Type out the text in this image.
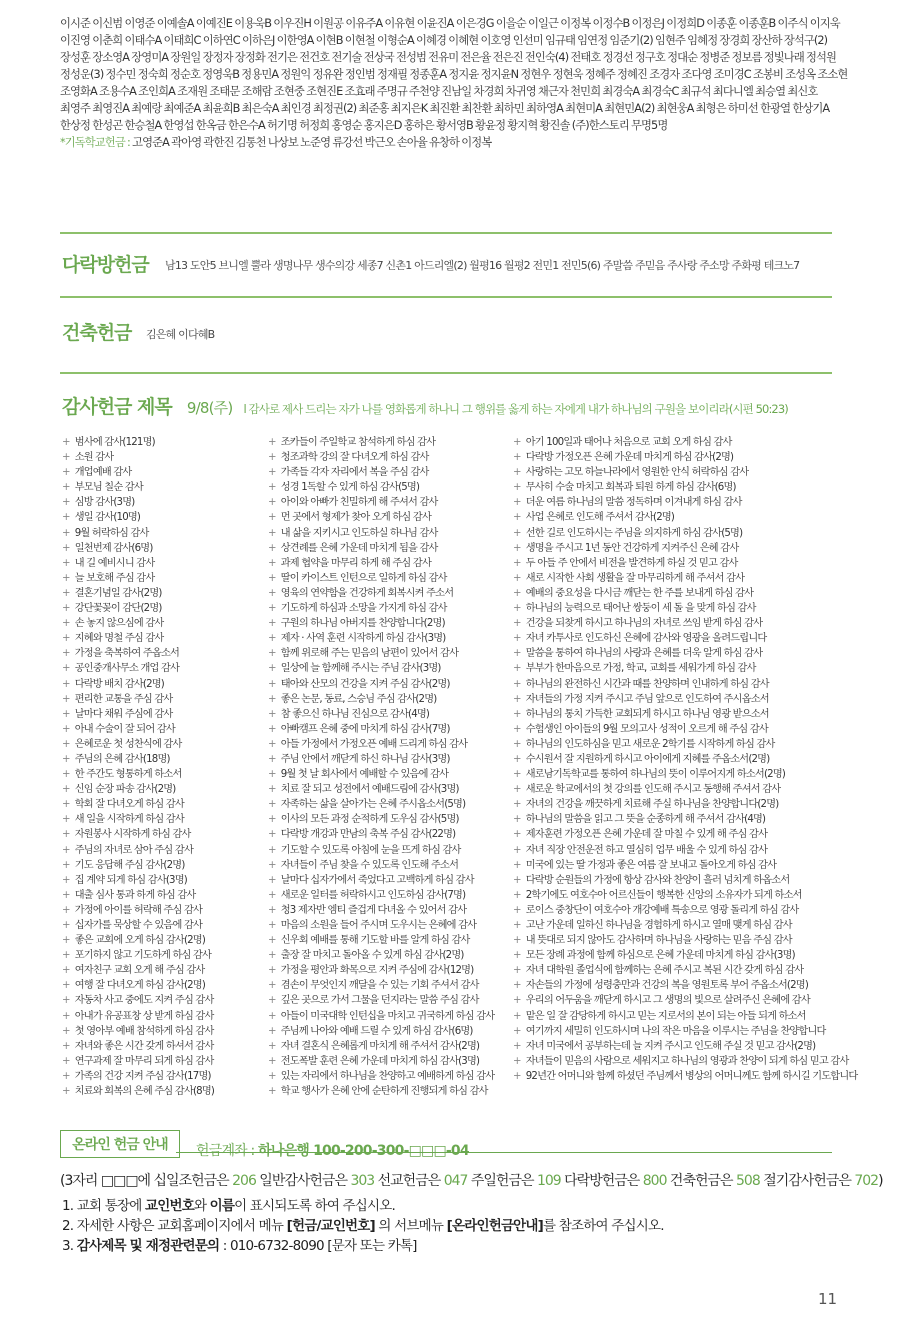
이시준 이신범 이영준 이예솔A 이예진E 이용욱B 이우진H 이원공 이유주A 이유현 이윤진A 이은경G 이을순 이일근 이정복 이정수B 이정은J 이정희D 이종훈 이종훈B 이주식 이지욱
이진영 이춘희 이태수A 이태희C 이하연C 이하은J 이한영A 이현B 이현철 이형순A 이혜경 이혜현 이호영 인선미 임규태 임연정 임준기(2) 임현주 임혜정 장경희 장산하 장석구(2)
장성훈 장소영A 장영미A 장원일 장정자 장정화 전기은 전건호 전기술 전상국 전성범 전유미 전은율 전은진 전인숙(4) 전태호 정경선 정구호 정대순 정병준 정보름 정빛나래 정석원
정성운(3) 정수민 정숙희 정순호 정영욱B 정용민A 정원익 정유완 정인범 정재필 정종훈A 정지윤 정지윤N 정현우 정현욱 정혜주 정혜진 조경자 조다영 조미경C 조봉비 조성옥 조소현
조영화A 조용수A 조인희A 조재원 조태문 조해람 조현중 조현진E 조효래 주명규 주천양 진남일 차경희 차귀영 채근자 천민희 최경숙A 최경숙C 최규석 최다니엘 최승열 최신호
최영주 최영진A 최예랑 최예준A 최윤희B 최은숙A 최인경 최정권(2) 최준홍 최지은K 최진환 최찬환 최하민 최하영A 최현미A 최현민A(2) 최현웅A 최형은 하미선 한광열 한상기A
한상정 한성곤 한승철A 한영섭 한옥금 한은수A 허기명 허정희 홍영순 홍지은D 홍하은 황서영B 황윤정 황지혁 황진솔 (주)한스토리 무명5명
*기독학교헌금 : 고영준A 곽아영 곽한진 김통천 나상보 노준영 류강선 박근오 손아율 유창하 이정복
다락방헌금 남13 도안5 브니엘 뿔라 생명나무 생수의강 세종7 신촌1 아드리엘(2) 월평16 월평2 전민1 전민5(6) 주말씀 주믿음 주사랑 주소망 주화평 테크노7
건축헌금 김은혜 이다혜B
감사헌금 제목 9/8(주) l 감사로 제사 드리는 자가 나를 영화롭게 하나니 그 행위를 옳게 하는 자에게 내가 하나님의 구원을 보이리라(시편 50:23)
+ 범사에 감사(121명)
+ 소원 감사
+ 개업예배 감사
+ 부모님 칠순 감사
+ 심방 감사(3명)
+ 생일 감사(10명)
+ 9월 허락하심 감사
+ 일천번제 감사(6명)
+ 내 길 예비시니 감사
+ 늘 보호해 주심 감사
+ 결혼기념일 감사(2명)
+ 강단꽃꽂이 감단(2명)
+ 손 놓지 않으심에 감사
+ 지혜와 명철 주심 감사
+ 가정을 축복하여 주옵소서
+ 공인중개사무소 개업 감사
+ 다락방 배치 감사(2명)
+ 편리한 교통을 주심 감사
+ 날마다 채워 주심에 감사
+ 아내 수술이 잘 되어 감사
+ 은혜로운 첫 성찬식에 감사
+ 주님의 은혜 감사(18명)
+ 한 주간도 형통하게 하소서
+ 신임 순장 파송 감사(2명)
+ 학회 잘 다녀오게 하심 감사
+ 새 일을 시작하게 하심 감사
+ 자원봉사 시작하게 하심 감사
+ 주님의 자녀로 삼아 주심 감사
+ 기도 응답해 주심 감사(2명)
+ 집 계약 되게 하심 감사(3명)
+ 대출 심사 통과 하게 하심 감사
+ 가정에 아이를 허락해 주심 감사
+ 십자가를 묵상할 수 있음에 감사
+ 좋은 교회에 오게 하심 감사(2명)
+ 포기하지 않고 기도하게 하심 감사
+ 여자친구 교회 오게 해 주심 감사
+ 여행 잘 다녀오게 하심 감사(2명)
+ 자동차 사고 중에도 지켜 주심 감사
+ 아내가 유공표창 상 받게 하심 감사
+ 첫 영아부 예배 참석하게 하심 감사
+ 자녀와 좋은 시간 갖게 하셔서 감사
+ 연구과제 잘 마무리 되게 하심 감사
+ 가족의 건강 지켜 주심 감사(17명)
+ 치료와 회복의 은혜 주심 감사(8명)
+ 조카들이 주일학교 참석하게 하심 감사
+ 청조과학 강의 잘 다녀오게 하심 감사
+ 가족들 각자 자리에서 복을 주심 감사
+ 성경 1독할 수 있게 하심 감사(5명)
+ 아이와 아빠가 친밀하게 해 주셔서 감사
+ 먼 곳에서 형제가 찾아 오게 하심 감사
+ 내 삶을 지키시고 인도하실 하나님 감사
+ 상견례를 은혜 가운데 마치게 됨을 감사
+ 과제 협약을 마무리 하게 해 주심 감사
+ 딸이 카이스트 인턴으로 일하게 하심 감사
+ 영육의 연약함을 건강하게 회복시켜 주소서
+ 기도하게 하심과 소망을 가지게 하심 감사
+ 구원의 하나님 아버지를 찬양합니다(2명)
+ 제자 · 사역 훈련 시작하게 하심 감사(3명)
+ 함께 위로해 주는 믿음의 남편이 있어서 감사
+ 일상에 늘 함께해 주시는 주님 감사(3명)
+ 태아와 산모의 건강을 지켜 주심 감사(2명)
+ 좋은 논문, 동료, 스승님 주심 감사(2명)
+ 참 좋으신 하나님 진심으로 감사(4명)
+ 아빠캠프 은혜 중에 마치게 하심 감사(7명)
+ 아들 가정에서 가정오픈 예배 드리게 하심 감사
+ 주님 안에서 깨닫게 하신 하나님 감사(3명)
+ 9월 첫 날 회사에서 예배할 수 있음에 감사
+ 치료 잘 되고 성전에서 예배드림에 감사(3명)
+ 자족하는 삶을 살아가는 은혜 주시옵소서(5명)
+ 이사의 모든 과정 순적하게 도우심 감사(5명)
+ 다락방 개강과 만남의 축복 주심 감사(22명)
+ 기도할 수 있도록 아침에 눈을 뜨게 하심 감사
+ 자녀들이 주님 찾을 수 있도록 인도해 주소서
+ 날마다 십자가에서 죽었다고 고백하게 하심 감사
+ 새로운 일터를 허락하시고 인도하심 감사(7명)
+ 청3 제자반 엠티 즐겁게 다녀올 수 있어서 감사
+ 마음의 소원을 들어 주시며 도우시는 은혜에 감사
+ 신우회 예배를 통해 기도할 바를 알게 하심 감사
+ 출장 잘 마치고 돌아올 수 있게 하심 감사(2명)
+ 가정을 평안과 화목으로 지켜 주심에 감사(12명)
+ 겸손이 무엇인지 깨달을 수 있는 기회 주셔서 감사
+ 깊은 곳으로 가서 그물을 던지라는 말씀 주심 감사
+ 아들이 미국대학 인턴십을 마치고 귀국하게 하심 감사
+ 주님께 나아와 예배 드릴 수 있게 하심 감사(6명)
+ 자녀 결혼식 은혜롭게 마치게 해 주셔서 감사(2명)
+ 전도폭발 훈련 은혜 가운데 마치게 하심 감사(3명)
+ 있는 자리에서 하나님을 찬양하고 예배하게 하심 감사
+ 학교 행사가 은혜 안에 순탄하게 진행되게 하심 감사
+ 아기 100일과 태어나 처음으로 교회 오게 하심 감사
+ 다락방 가정오픈 은혜 가운데 마치게 하심 감사(2명)
+ 사랑하는 고모 하늘나라에서 영원한 안식 허락하심 감사
+ 무사히 수술 마치고 회복과 퇴원 하게 하심 감사(6명)
+ 더운 여름 하나님의 말씀 정독하며 이겨내게 하심 감사
+ 사업 은혜로 인도해 주셔서 감사(2명)
+ 선한 길로 인도하시는 주님을 의지하게 하심 감사(5명)
+ 생명을 주시고 1년 동안 건강하게 지켜주신 은혜 감사
+ 두 아들 주 안에서 비전을 발견하게 하실 것 믿고 감사
+ 새로 시작한 사회 생활을 잘 마무리하게 해 주셔서 감사
+ 예배의 중요성을 다시금 깨닫는 한 주를 보내게 하심 감사
+ 하나님의 능력으로 태어난 쌍둥이 세 돌 을 맞게 하심 감사
+ 건강을 되찾게 하시고 하나님의 자녀로 쓰임 받게 하심 감사
+ 자녀 카투사로 인도하신 은혜에 감사와 영광을 올려드립니다
+ 말씀을 통하여 하나님의 사랑과 은혜를 더욱 알게 하심 감사
+ 부부가 한마음으로 가정, 학교, 교회를 세워가게 하심 감사
+ 하나님의 완전하신 시간과 때를 찬양하며 인내하게 하심 감사
+ 자녀들의 가정 지켜 주시고 주님 앞으로 인도하여 주시옵소서
+ 하나님의 통치 가득한 교회되게 하시고 하나님 영광 받으소서
+ 수험생인 아이들의 9월 모의고사 성적이 오르게 해 주심 감사
+ 하나님의 인도하심을 믿고 새로운 2학기를 시작하게 하심 감사
+ 수시원서 잘 지원하게 하시고 아이에게 지혜를 주옵소서(2명)
+ 새로남기독학교를 통하여 하나님의 뜻이 이루어지게 하소서(2명)
+ 새로운 학교에서의 첫 강의를 인도해 주시고 동행해 주셔서 감사
+ 자녀의 건강을 깨끗하게 치료해 주실 하나님을 찬양합니다(2명)
+ 하나님의 말씀을 읽고 그 뜻을 순종하게 해 주셔서 감사(4명)
+ 제자훈련 가정오픈 은혜 가운데 잘 마칠 수 있게 해 주심 감사
+ 자녀 직장 안전운전 하고 열심히 업무 배울 수 있게 하심 감사
+ 미국에 있는 딸 가정과 좋은 여름 잘 보내고 돌아오게 하심 감사
+ 다락방 순원들의 가정에 항상 감사와 찬양이 흘러 넘치게 하옵소서
+ 2학기에도 여호수아 어르신들이 행복한 신앙의 소유자가 되게 하소서
+ 로이스 중창단이 여호수아 개강예배 특송으로 영광 돌리게 하심 감사
+ 고난 가운데 일하신 하나님을 경험하게 하시고 열매 맺게 하심 감사
+ 내 뜻대로 되지 않아도 감사하며 하나님을 사랑하는 믿음 주심 감사
+ 모든 장례 과정에 함께 하심으로 은혜 가운데 마치게 하심 감사(3명)
+ 자녀 대학원 졸업식에 함께하는 은혜 주시고 복된 시간 갖게 하심 감사
+ 자손들의 가정에 성령충만과 건강의 복을 영원토록 부어 주옵소서(2명)
+ 우리의 어두움을 깨닫게 하시고 그 생명의 빛으로 살려주신 은혜에 감사
+ 맡은 일 잘 감당하게 하시고 믿는 지로서의 본이 되는 아들 되게 하소서
+ 여기까지 세밀히 인도하시며 나의 작은 마음을 이루시는 주님을 찬양합니다
+ 자녀 미국에서 공부하는데 늘 지켜 주시고 인도해 주실 것 믿고 감사(2명)
+ 자녀들이 믿음의 사람으로 세워지고 하나님의 영광과 찬양이 되게 하심 믿고 감사
+ 92년간 어머니와 함께 하셨던 주님께서 병상의 어머니께도 함께 하시길 기도합니다
온라인 헌금 안내	헌금계좌 : 하나은행 100-200-300-□□□-04
(3자리 □□□에 십일조헌금은 206 일반감사헌금은 303 선교헌금은 047 주일헌금은 109 다락방헌금은 800 건축헌금은 508 절기감사헌금은 702)
1. 교회 통장에 교인번호와 이름이 표시되도록 하여 주십시오.
2. 자세한 사항은 교회홈페이지에서 메뉴 [헌금/교인번호] 의 서브메뉴 [온라인헌금안내]를 참조하여 주십시오.
3. 감사제목 및 재정관련문의 : 010-6732-8090 [문자 또는 카톡]
11
